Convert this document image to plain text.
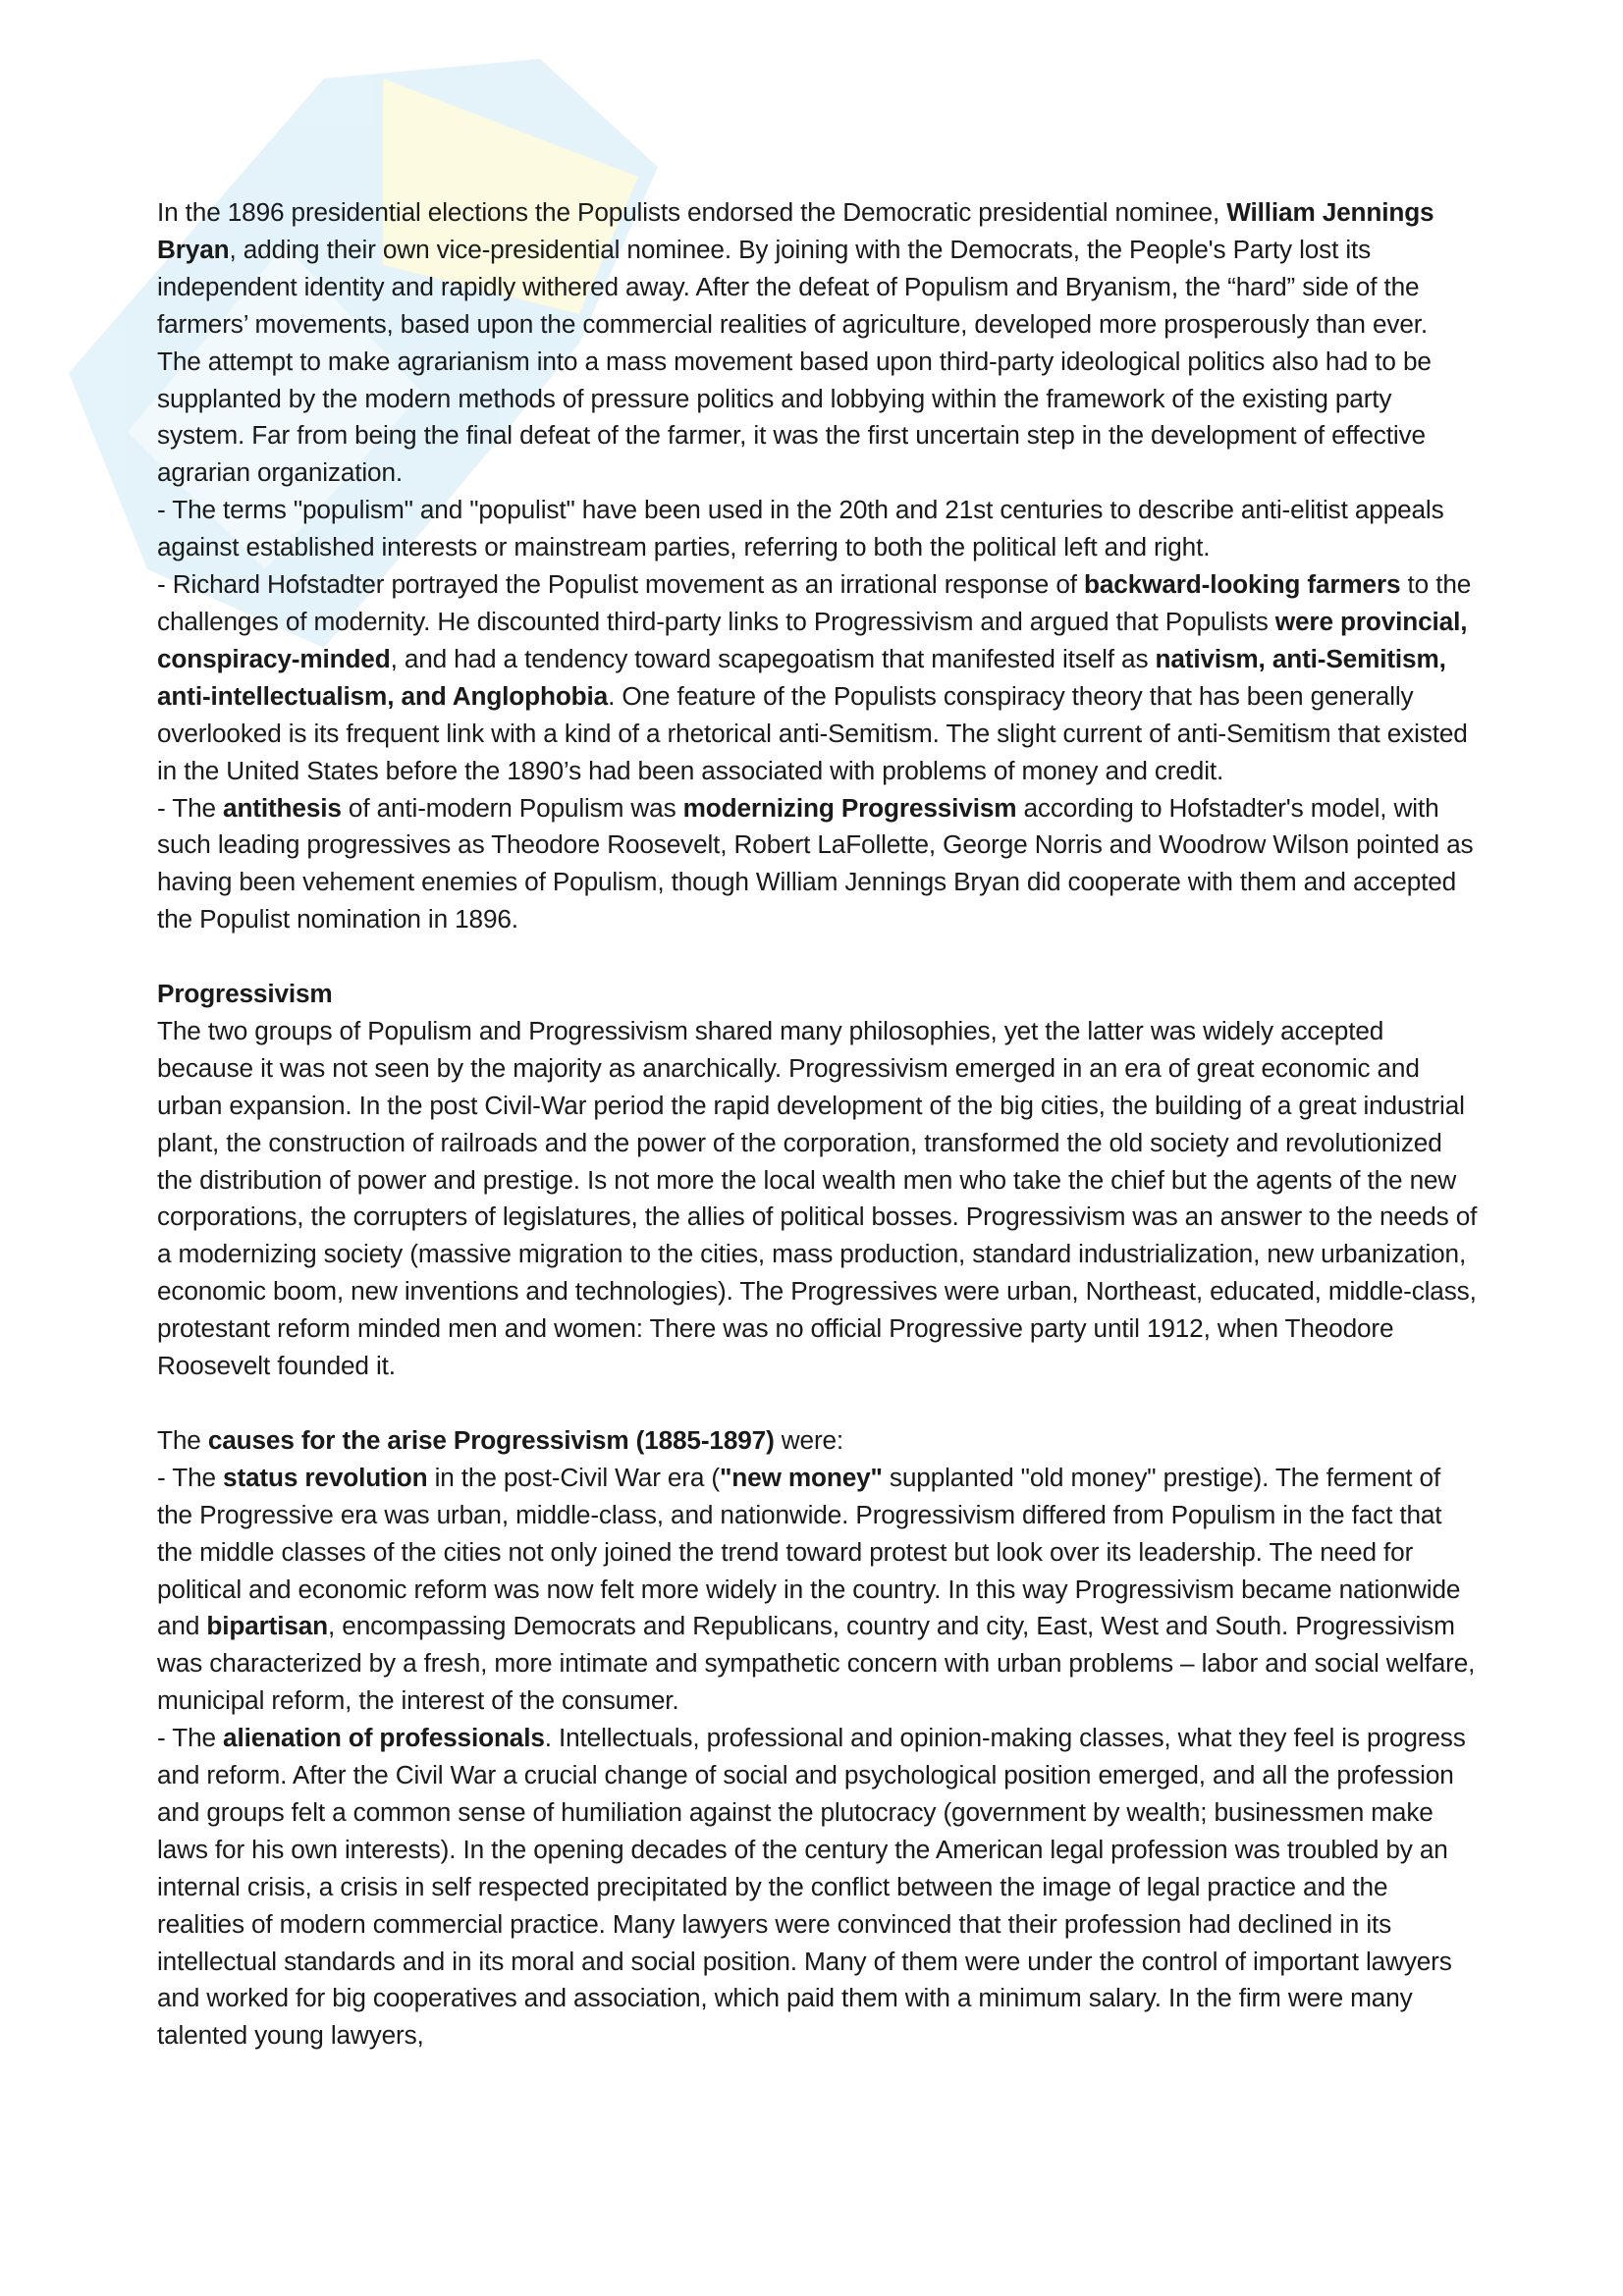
In the 1896 presidential elections the Populists endorsed the Democratic presidential nominee, William Jennings Bryan, adding their own vice-presidential nominee. By joining with the Democrats, the People's Party lost its independent identity and rapidly withered away. After the defeat of Populism and Bryanism, the “hard” side of the farmers’ movements, based upon the commercial realities of agriculture, developed more prosperously than ever. The attempt to make agrarianism into a mass movement based upon third-party ideological politics also had to be supplanted by the modern methods of pressure politics and lobbying within the framework of the existing party system. Far from being the final defeat of the farmer, it was the first uncertain step in the development of effective agrarian organization.

- The terms "populism" and "populist" have been used in the 20th and 21st centuries to describe anti-elitist appeals against established interests or mainstream parties, referring to both the political left and right.

- Richard Hofstadter portrayed the Populist movement as an irrational response of backward-looking farmers to the challenges of modernity. He discounted third-party links to Progressivism and argued that Populists were provincial, conspiracy-minded, and had a tendency toward scapegoatism that manifested itself as nativism, anti-Semitism, anti-intellectualism, and Anglophobia. One feature of the Populists conspiracy theory that has been generally overlooked is its frequent link with a kind of a rhetorical anti-Semitism. The slight current of anti-Semitism that existed in the United States before the 1890’s had been associated with problems of money and credit.

- The antithesis of anti-modern Populism was modernizing Progressivism according to Hofstadter's model, with such leading progressives as Theodore Roosevelt, Robert LaFollette, George Norris and Woodrow Wilson pointed as having been vehement enemies of Populism, though William Jennings Bryan did cooperate with them and accepted the Populist nomination in 1896.

Progressivism

The two groups of Populism and Progressivism shared many philosophies, yet the latter was widely accepted because it was not seen by the majority as anarchically. Progressivism emerged in an era of great economic and urban expansion. In the post Civil-War period the rapid development of the big cities, the building of a great industrial plant, the construction of railroads and the power of the corporation, transformed the old society and revolutionized the distribution of power and prestige. Is not more the local wealth men who take the chief but the agents of the new corporations, the corrupters of legislatures, the allies of political bosses. Progressivism was an answer to the needs of a modernizing society (massive migration to the cities, mass production, standard industrialization, new urbanization, economic boom, new inventions and technologies). The Progressives were urban, Northeast, educated, middle-class, protestant reform minded men and women: There was no official Progressive party until 1912, when Theodore Roosevelt founded it.

The causes for the arise Progressivism (1885-1897) were:

- The status revolution in the post-Civil War era ("new money" supplanted "old money" prestige). The ferment of the Progressive era was urban, middle-class, and nationwide. Progressivism differed from Populism in the fact that the middle classes of the cities not only joined the trend toward protest but look over its leadership. The need for political and economic reform was now felt more widely in the country. In this way Progressivism became nationwide and bipartisan, encompassing Democrats and Republicans, country and city, East, West and South. Progressivism was characterized by a fresh, more intimate and sympathetic concern with urban problems – labor and social welfare, municipal reform, the interest of the consumer.

- The alienation of professionals. Intellectuals, professional and opinion-making classes, what they feel is progress and reform. After the Civil War a crucial change of social and psychological position emerged, and all the profession and groups felt a common sense of humiliation against the plutocracy (government by wealth; businessmen make laws for his own interests). In the opening decades of the century the American legal profession was troubled by an internal crisis, a crisis in self respected precipitated by the conflict between the image of legal practice and the realities of modern commercial practice. Many lawyers were convinced that their profession had declined in its intellectual standards and in its moral and social position. Many of them were under the control of important lawyers and worked for big cooperatives and association, which paid them with a minimum salary. In the firm were many talented young lawyers,
